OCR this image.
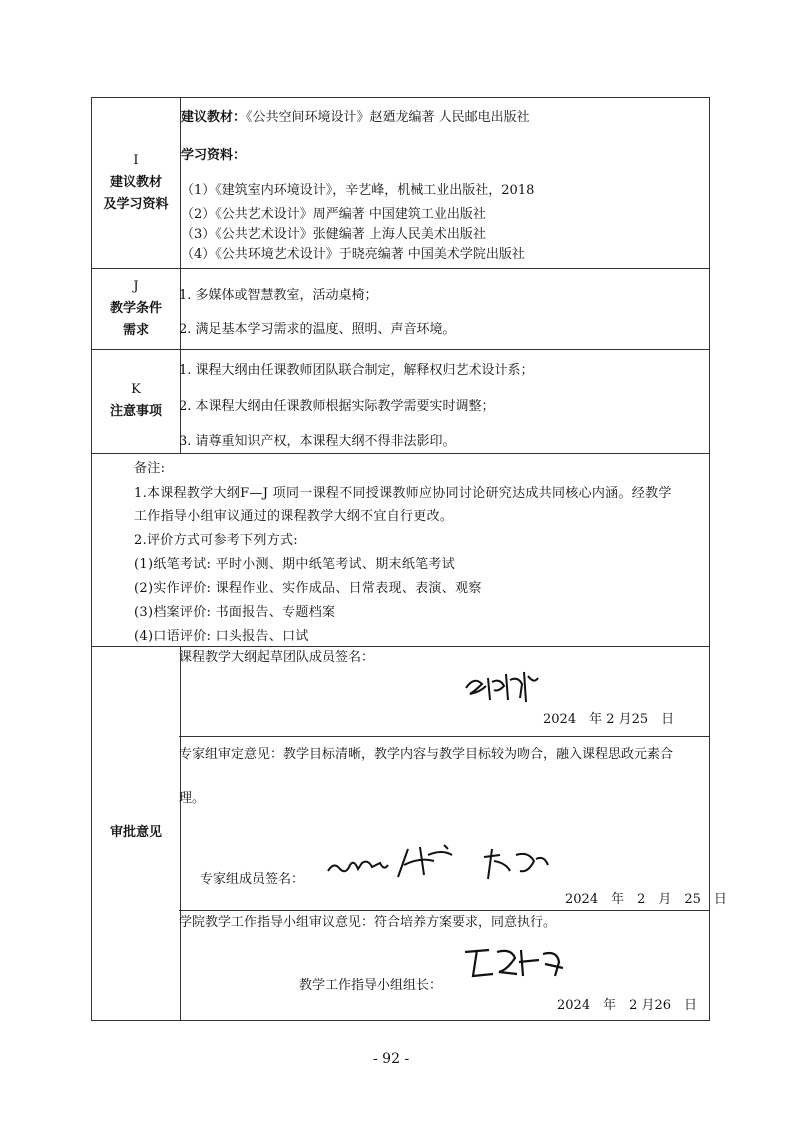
I
建议教材
及学习资料
建议教材：《公共空间环境设计》赵廼龙编著 人民邮电出版社
学习资料：
（1）《建筑室内环境设计》，辛艺峰，机械工业出版社，2018
（2）《公共艺术设计》周严编著 中国建筑工业出版社
（3）《公共艺术设计》张健编著 上海人民美术出版社
（4）《公共环境艺术设计》于晓亮编著 中国美术学院出版社
J
教学条件
需求
1. 多媒体或智慧教室，活动桌椅；
2. 满足基本学习需求的温度、照明、声音环境。
K
注意事项
1. 课程大纲由任课教师团队联合制定，解释权归艺术设计系；
2. 本课程大纲由任课教师根据实际教学需要实时调整；
3. 请尊重知识产权，本课程大纲不得非法影印。
备注:
1.本课程教学大纲F—J 项同一课程不同授课教师应协同讨论研究达成共同核心内涵。经教学
工作指导小组审议通过的课程教学大纲不宜自行更改。
2.评价方式可参考下列方式:
(1)纸笔考试: 平时小测、期中纸笔考试、期末纸笔考试
(2)实作评价: 课程作业、实作成品、日常表现、表演、观察
(3)档案评价: 书面报告、专题档案
(4)口语评价: 口头报告、口试
审批意见
课程教学大纲起草团队成员签名：
2024　年 2 月25　日
专家组审定意见：教学目标清晰，教学内容与教学目标较为吻合，融入课程思政元素合
理。
专家组成员签名：
2024　年　2　月　25　日
学院教学工作指导小组审议意见：符合培养方案要求，同意执行。
教学工作指导小组组长：
2024　年　2 月26　日
- 92 -
